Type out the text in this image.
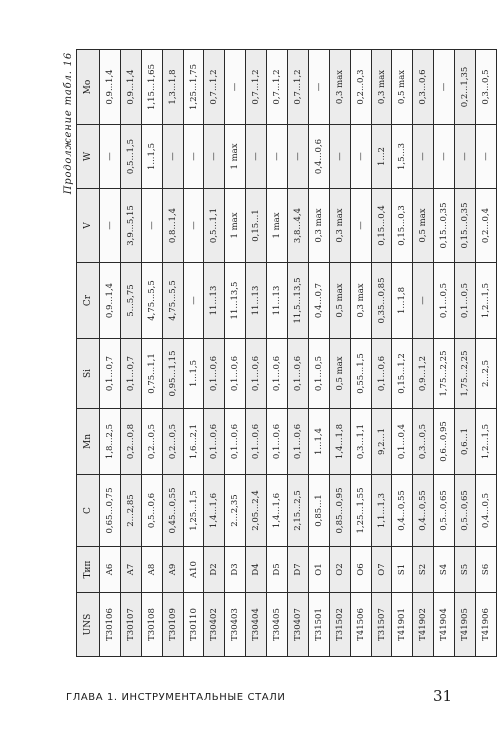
Продолжение табл. 16
UNS	Тип	C	Mn	Si	Cr	V	W	Mo
T30106	A6	0,65...0,75	1,8...2,5	0,1...0,7	0,9...1,4	—	—	0,9...1,4
T30107	A7	2...2,85	0,2...0,8	0,1...0,7	5...5,75	3,9...5,15	0,5...1,5	0,9...1,4
T30108	A8	0,5...0,6	0,2...0,5	0,75...1,1	4,75...5,5	—	1...1,5	1,15...1,65
T30109	A9	0,45...0,55	0,2...0,5	0,95...1,15	4,75...5,5	0,8...1,4	—	1,3...1,8
T30110	A10	1,25...1,5	1,6...2,1	1...1,5	—	—	—	1,25...1,75
T30402	D2	1,4...1,6	0,1...0,6	0,1...0,6	11...13	0,5...1,1	—	0,7...1,2
T30403	D3	2...2,35	0,1...0,6	0,1...0,6	11...13,5	1 max	1 max	—
T30404	D4	2,05...2,4	0,1...0,6	0,1...0,6	11...13	0,15...1	—	0,7...1,2
T30405	D5	1,4...1,6	0,1...0,6	0,1...0,6	11...13	1 max	—	0,7...1,2
T30407	D7	2,15...2,5	0,1...0,6	0,1...0,6	11,5...13,5	3,8...4,4	—	0,7...1,2
T31501	O1	0,85...1	1...1,4	0,1...0,5	0,4...0,7	0,3 max	0,4...0,6	—
T31502	O2	0,85...0,95	1,4...1,8	0,5 max	0,5 max	0,3 max	—	0,3 max
T41506	O6	1,25...1,55	0,3...1,1	0,55...1,5	0,3 max	—	—	0,2...0,3
T31507	O7	1,1...1,3	9,2...1	0,1...0,6	0,35...0,85	0,15...0,4	1...2	0,3 max
T41901	S1	0,4...0,55	0,1...0,4	0,15...1,2	1...1,8	0,15...0,3	1,5...3	0,5 max
T41902	S2	0,4...0,55	0,3...0,5	0,9...1,2	—	0,5 max	—	0,3...0,6
T41904	S4	0,5...0,65	0,6...0,95	1,75...2,25	0,1...0,5	0,15...0,35	—	—
T41905	S5	0,5...0,65	0,6...1	1,75...2,25	0,1...0,5	0,15...0,35	—	0,2...1,35
T41906	S6	0,4...0,5	1,2...1,5	2...2,5	1,2...1,5	0,2...0,4	—	0,3...0,5
ГЛАВА 1. ИНСТРУМЕНТАЛЬНЫЕ СТАЛИ	31
